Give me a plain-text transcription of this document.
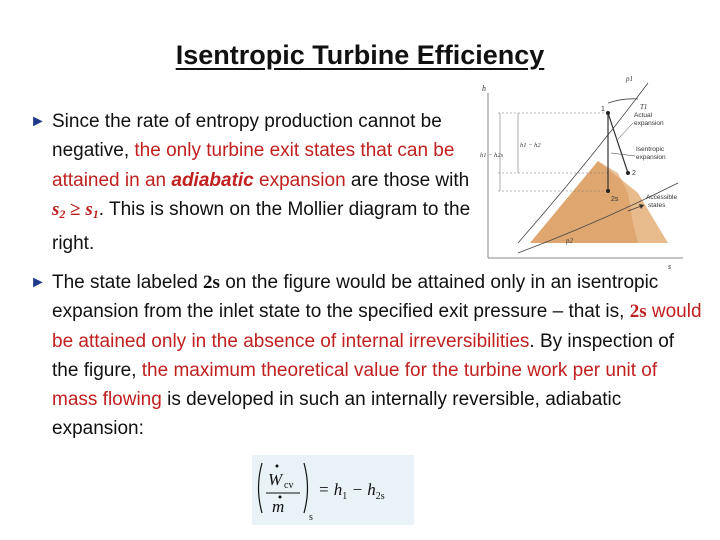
Isentropic Turbine Efficiency
► Since the rate of entropy production cannot be negative, the only turbine exit states that can be attained in an adiabatic expansion are those with $s_2 \ge s_1$. This is shown on the Mollier diagram to the right.
► The state labeled 2s on the figure would be attained only in an isentropic expansion from the inlet state to the specified exit pressure – that is, 2s would be attained only in the absence of internal irreversibilities. By inspection of the figure, the maximum theoretical value for the turbine work per unit of mass flowing is developed in such an internally reversible, adiabatic expansion:
h
s
p1
p2
T1
h1 − h2s
h1 − h2
1
2
2s
Actual
expansion
Isentropic
expansion
Accessible
states
W cv
m
s
= $h_1 - h_{2s}$
